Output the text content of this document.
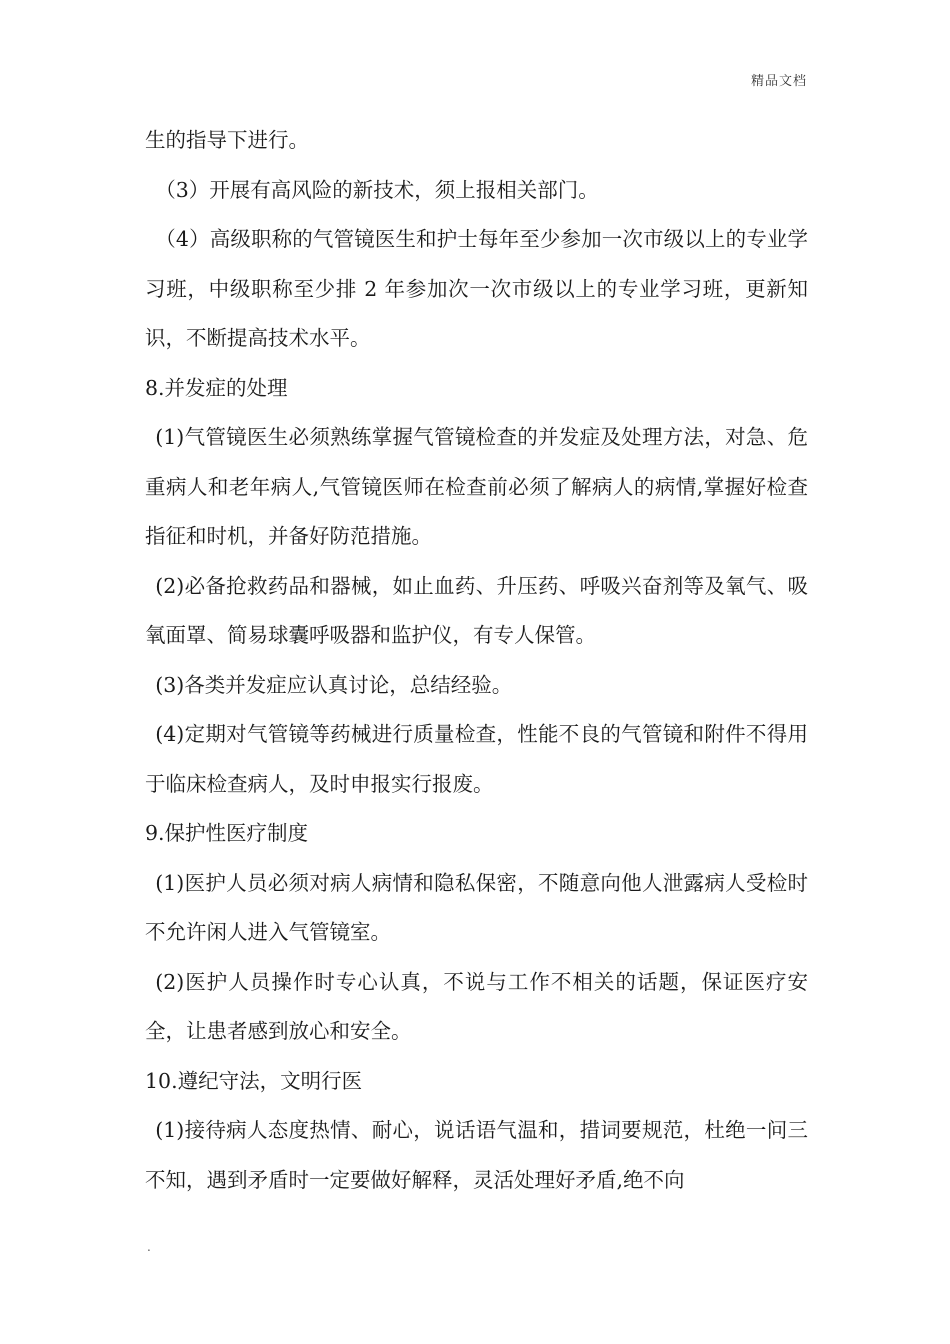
精品文档

生的指导下进行。

（3）开展有高风险的新技术，须上报相关部门。

（4）高级职称的气管镜医生和护士每年至少参加一次市级以上的专业学习班，中级职称至少排 2 年参加次一次市级以上的专业学习班，更新知识，不断提高技术水平。

8.并发症的处理

(1)气管镜医生必须熟练掌握气管镜检查的并发症及处理方法，对急、危重病人和老年病人,气管镜医师在检查前必须了解病人的病情,掌握好检查指征和时机，并备好防范措施。

(2)必备抢救药品和器械，如止血药、升压药、呼吸兴奋剂等及氧气、吸氧面罩、简易球囊呼吸器和监护仪，有专人保管。

(3)各类并发症应认真讨论，总结经验。

(4)定期对气管镜等药械进行质量检查，性能不良的气管镜和附件不得用于临床检查病人，及时申报实行报废。

9.保护性医疗制度

(1)医护人员必须对病人病情和隐私保密，不随意向他人泄露病人受检时不允许闲人进入气管镜室。

(2)医护人员操作时专心认真，不说与工作不相关的话题，保证医疗安全，让患者感到放心和安全。

10.遵纪守法，文明行医

(1)接待病人态度热情、耐心，说话语气温和，措词要规范，杜绝一问三不知，遇到矛盾时一定要做好解释，灵活处理好矛盾,绝不向

.
